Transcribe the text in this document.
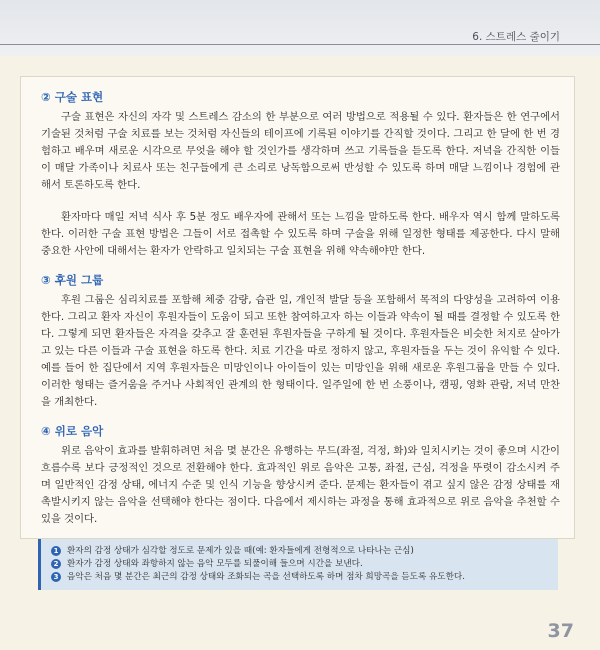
6. 스트레스 줄이기
② 구술 표현

구술 표현은 자신의 자각 및 스트레스 감소의 한 부분으로 여러 방법으로 적용될 수 있다. 환자들은 한 연구에서 기술된 것처럼 구술 치료를 보는 것처럼 자신들의 테이프에 기록된 이야기를 간직할 것이다. 그리고 한 달에 한 번 경험하고 배우며 새로운 시각으로 무엇을 해야 할 것인가를 생각하며 쓰고 기록들을 듣도록 한다. 저녁을 간직한 이들이 매달 가족이나 치료사 또는 친구들에게 큰 소리로 낭독함으로써 반성할 수 있도록 하며 매달 느낌이나 경험에 관해서 토론하도록 한다.

환자마다 매일 저녁 식사 후 5분 정도 배우자에 관해서 또는 느낌을 말하도록 한다. 배우자 역시 함께 말하도록 한다. 이러한 구술 표현 방법은 그들이 서로 접촉할 수 있도록 하며 구술을 위해 일정한 형태를 제공한다. 다시 말해 중요한 사안에 대해서는 환자가 안락하고 일치되는 구술 표현을 위해 약속해야만 한다.

③ 후원 그룹

후원 그룹은 심리치료를 포함해 체중 감량, 습관 일, 개인적 발달 등을 포함해서 목적의 다양성을 고려하여 이용한다. 그리고 환자 자신이 후원자들이 도움이 되고 또한 참여하고자 하는 이들과 약속이 될 때를 결정할 수 있도록 한다. 그렇게 되면 환자들은 자격을 갖추고 잘 훈련된 후원자들을 구하게 될 것이다. 후원자들은 비슷한 처지로 살아가고 있는 다른 이들과 구술 표현을 하도록 한다. 치료 기간을 따로 정하지 않고, 후원자들을 두는 것이 유익할 수 있다. 예를 들어 한 집단에서 지역 후원자들은 미망인이나 아이들이 있는 미망인을 위해 새로운 후원그룹을 만들 수 있다. 이러한 형태는 즐거움을 주거나 사회적인 관계의 한 형태이다. 일주일에 한 번 소풍이나, 캠핑, 영화 관람, 저녁 만찬을 개최한다.

④ 위로 음악

위로 음악이 효과를 발휘하려면 처음 몇 분간은 유행하는 무드(좌절, 걱정, 화)와 일치시키는 것이 좋으며 시간이 흐름수록 보다 긍정적인 것으로 전환해야 한다. 효과적인 위로 음악은 고통, 좌절, 근심, 걱정을 뚜렷이 감소시켜 주며 일반적인 감정 상태, 에너지 수준 및 인식 기능을 향상시켜 준다. 문제는 환자들이 겪고 싶지 않은 감정 상태를 재촉발시키지 않는 음악을 선택해야 한다는 점이다. 다음에서 제시하는 과정을 통해 효과적으로 위로 음악을 추천할 수 있을 것이다.

1 환자의 감정 상태가 심각할 정도로 문제가 있을 때(예: 환자들에게 전형적으로 나타나는 근심)
2 환자가 감정 상태와 좌항하지 않는 음악 모두를 되풀이해 들으며 시간을 보낸다.
3 음악은 처음 몇 분간은 최근의 감정 상태와 조화되는 곡을 선택하도록 하며 점차 희망곡을 듣도록 유도한다.
37
